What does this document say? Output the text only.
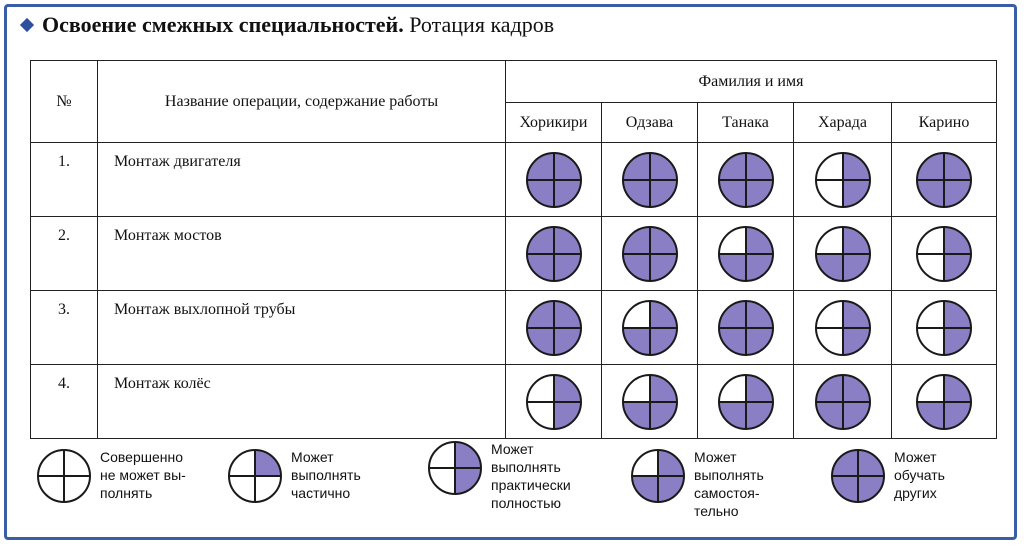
Освоение смежных специальностей. Ротация кадров
№	Название операции, содержание работы	Фамилия и имя				
		Хорикири	Одзава	Танака	Харада	Карино
1.	Монтаж двигателя	

2.	Монтаж мостов	

3.	Монтаж выхлопной трубы	

4.	Монтаж колёс	

Совершенно
не может вы-
полнять
Может
выполнять
частично
Может
выполнять
практически
полностью
Может
выполнять
самостоя-
тельно
Может
обучать
других
